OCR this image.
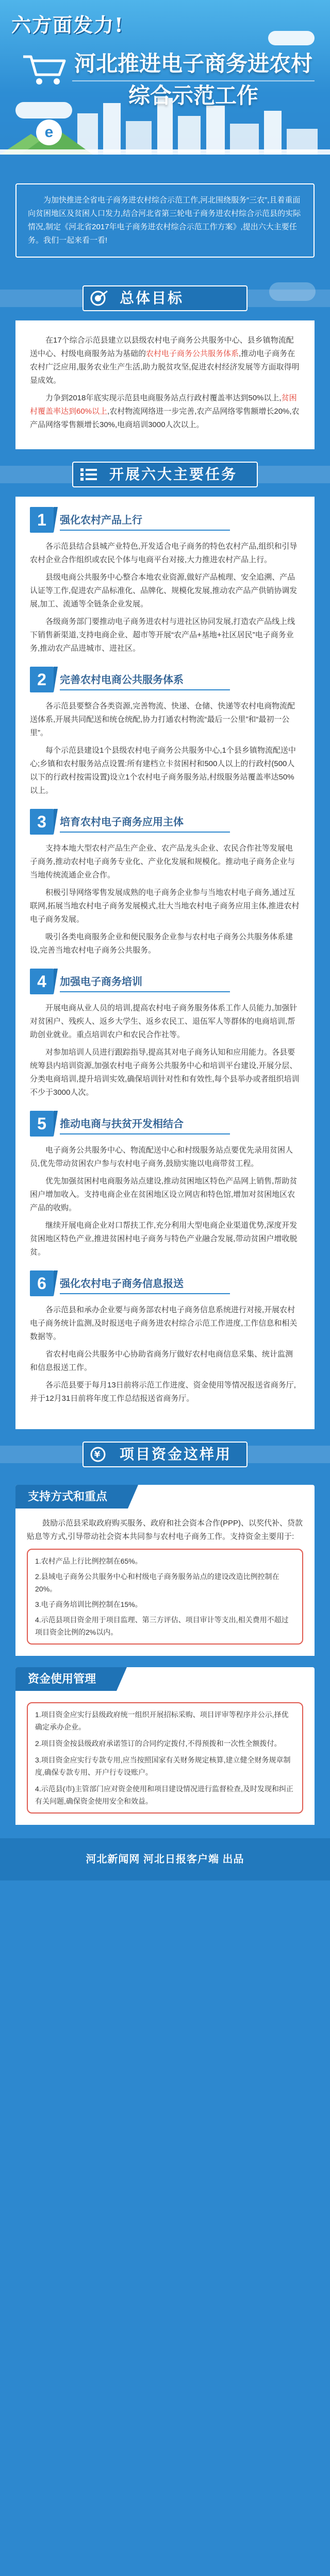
六方面发力!
e
河北推进电子商务进农村
综合示范工作
为加快推进全省电子商务进农村综合示范工作,河北围绕服务“三农”,且着重面向贫困地区及贫困人口发力,结合河北省第三轮电子商务进农村综合示范县的实际情况,制定《河北省2017年电子商务进农村综合示范工作方案》,提出六大主要任务。我们一起来看一看!
总体目标

在17个综合示范县建立以县级农村电子商务公共服务中心、县乡镇物流配送中心、村级电商服务站为基础的农村电子商务公共服务体系,推动电子商务在农村广泛应用,服务农业生产生活,助力脱贫攻坚,促进农村经济发展等方面取得明显成效。

力争到2018年底实现示范县电商服务站点行政村覆盖率达到50%以上,贫困村覆盖率达到60%以上,农村物流网络进一步完善,农产品网络零售额增长20%,农产品网络零售额增长30%,电商培训3000人次以上。

开展六大主要任务
1	强化农村产品上行

各示范县结合县城产业特色,开发适合电子商务的特色农村产品,组织和引导农村企业合作组织或农民个体与电商平台对接,大力推进农村产品上行。

县级电商公共服务中心整合本地农业资源,做好产品梳理、安全追溯、产品认证等工作,促进农产品标准化、品牌化、规模化发展,推动农产品产供销协调发展,加工、流通等全链条企业发展。

各级商务部门要推动电子商务进农村与进社区协同发展,打造农产品线上线下销售新渠道,支持电商企业、超市等开展“农产品+基地+社区居民”电子商务业务,推动农产品进城市、进社区。

2	完善农村电商公共服务体系

各示范县要整合各类资源,完善物流、快递、仓储、快递等农村电商物流配送体系,开展共同配送和统仓统配,协力打通农村物流“最后一公里”和“最初一公里”。

每个示范县建设1个县级农村电子商务公共服务中心,1个县乡镇物流配送中心;乡镇和农村服务站点设置:所有建档立卡贫困村和500人以上的行政村(500人以下的行政村按需设置)设立1个农村电子商务服务站,村级服务站覆盖率达50%以上。

3	培育农村电子商务应用主体

支持本地大型农村产品生产企业、农产品龙头企业、农民合作社等发展电子商务,推动农村电子商务专业化、产业化发展和规模化。推动电子商务企业与当地传统流通企业合作。

积极引导网络零售发展成熟的电子商务企业参与当地农村电子商务,通过互联网,拓展当地农村电子商务发展模式,壮大当地农村电子商务应用主体,推进农村电子商务发展。

吸引各类电商服务企业和便民服务企业参与农村电子商务公共服务体系建设,完善当地农村电子商务公共服务。

4	加强电子商务培训

开展电商从业人员的培训,提高农村电子商务服务体系工作人员能力,加强针对贫困户、残疾人、返乡大学生、返乡农民工、退伍军人等群体的电商培训,帮助创业就业。重点培训农户和农民合作社等。

对参加培训人员进行跟踪指导,提高其对电子商务认知和应用能力。各县要统筹县内培训资源,加强农村电子商务公共服务中心和培训平台建设,开展分层、分类电商培训,提升培训实效,确保培训针对性和有效性,每个县举办或者组织培训不少于3000人次。

5	推动电商与扶贫开发相结合

电子商务公共服务中心、物流配送中心和村级服务站点要优先录用贫困人员,优先带动贫困农户参与农村电子商务,鼓励实施以电商带贫工程。

优先加强贫困村电商服务站点建设,推动贫困地区特色产品网上销售,帮助贫困户增加收入。支持电商企业在贫困地区设立网店和特色馆,增加对贫困地区农产品的收购。

继续开展电商企业对口帮扶工作,充分利用大型电商企业渠道优势,深度开发贫困地区特色产业,推进贫困村电子商务与特色产业融合发展,带动贫困户增收脱贫。

6	强化农村电子商务信息报送

各示范县和承办企业要与商务部农村电子商务信息系统进行对接,开展农村电子商务统计监测,及时报送电子商务进农村综合示范工作进度,工作信息和相关数据等。

省农村电商公共服务中心协助省商务厅做好农村电商信息采集、统计监测和信息报送工作。

各示范县要于每月13日前将示范工作进度、资金使用等情况报送省商务厅,并于12月31日前将年度工作总结报送省商务厅。

¥ 项目资金这样用
支持方式和重点

鼓励示范县采取政府购买服务、政府和社会资本合作(PPP)、以奖代补、贷款贴息等方式,引导带动社会资本共同参与农村电子商务工作。支持资金主要用于:

1.农村产品上行比例控制在65%。

2.县域电子商务公共服务中心和村级电子商务服务站点的建设改造比例控制在20%。

3.电子商务培训比例控制在15%。

4.示范县项目资金用于项目监理、第三方评估、项目审计等支出,相关费用不超过项目资金比例的2%以内。

资金使用管理

1.项目资金应实行县级政府统一组织开展招标采购、项目评审等程序并公示,择优确定承办企业。

2.项目资金按县级政府承诺签订的合同约定拨付,不得预拨和一次性全额拨付。

3.项目资金应实行专款专用,应当按照国家有关财务规定核算,建立健全财务规章制度,确保专款专用、开户行专设账户。

4.示范县(市)主管部门应对资金使用和项目建设情况进行监督检查,及时发现和纠正有关问题,确保资金使用安全和效益。

河北新闻网 河北日报客户端 出品
